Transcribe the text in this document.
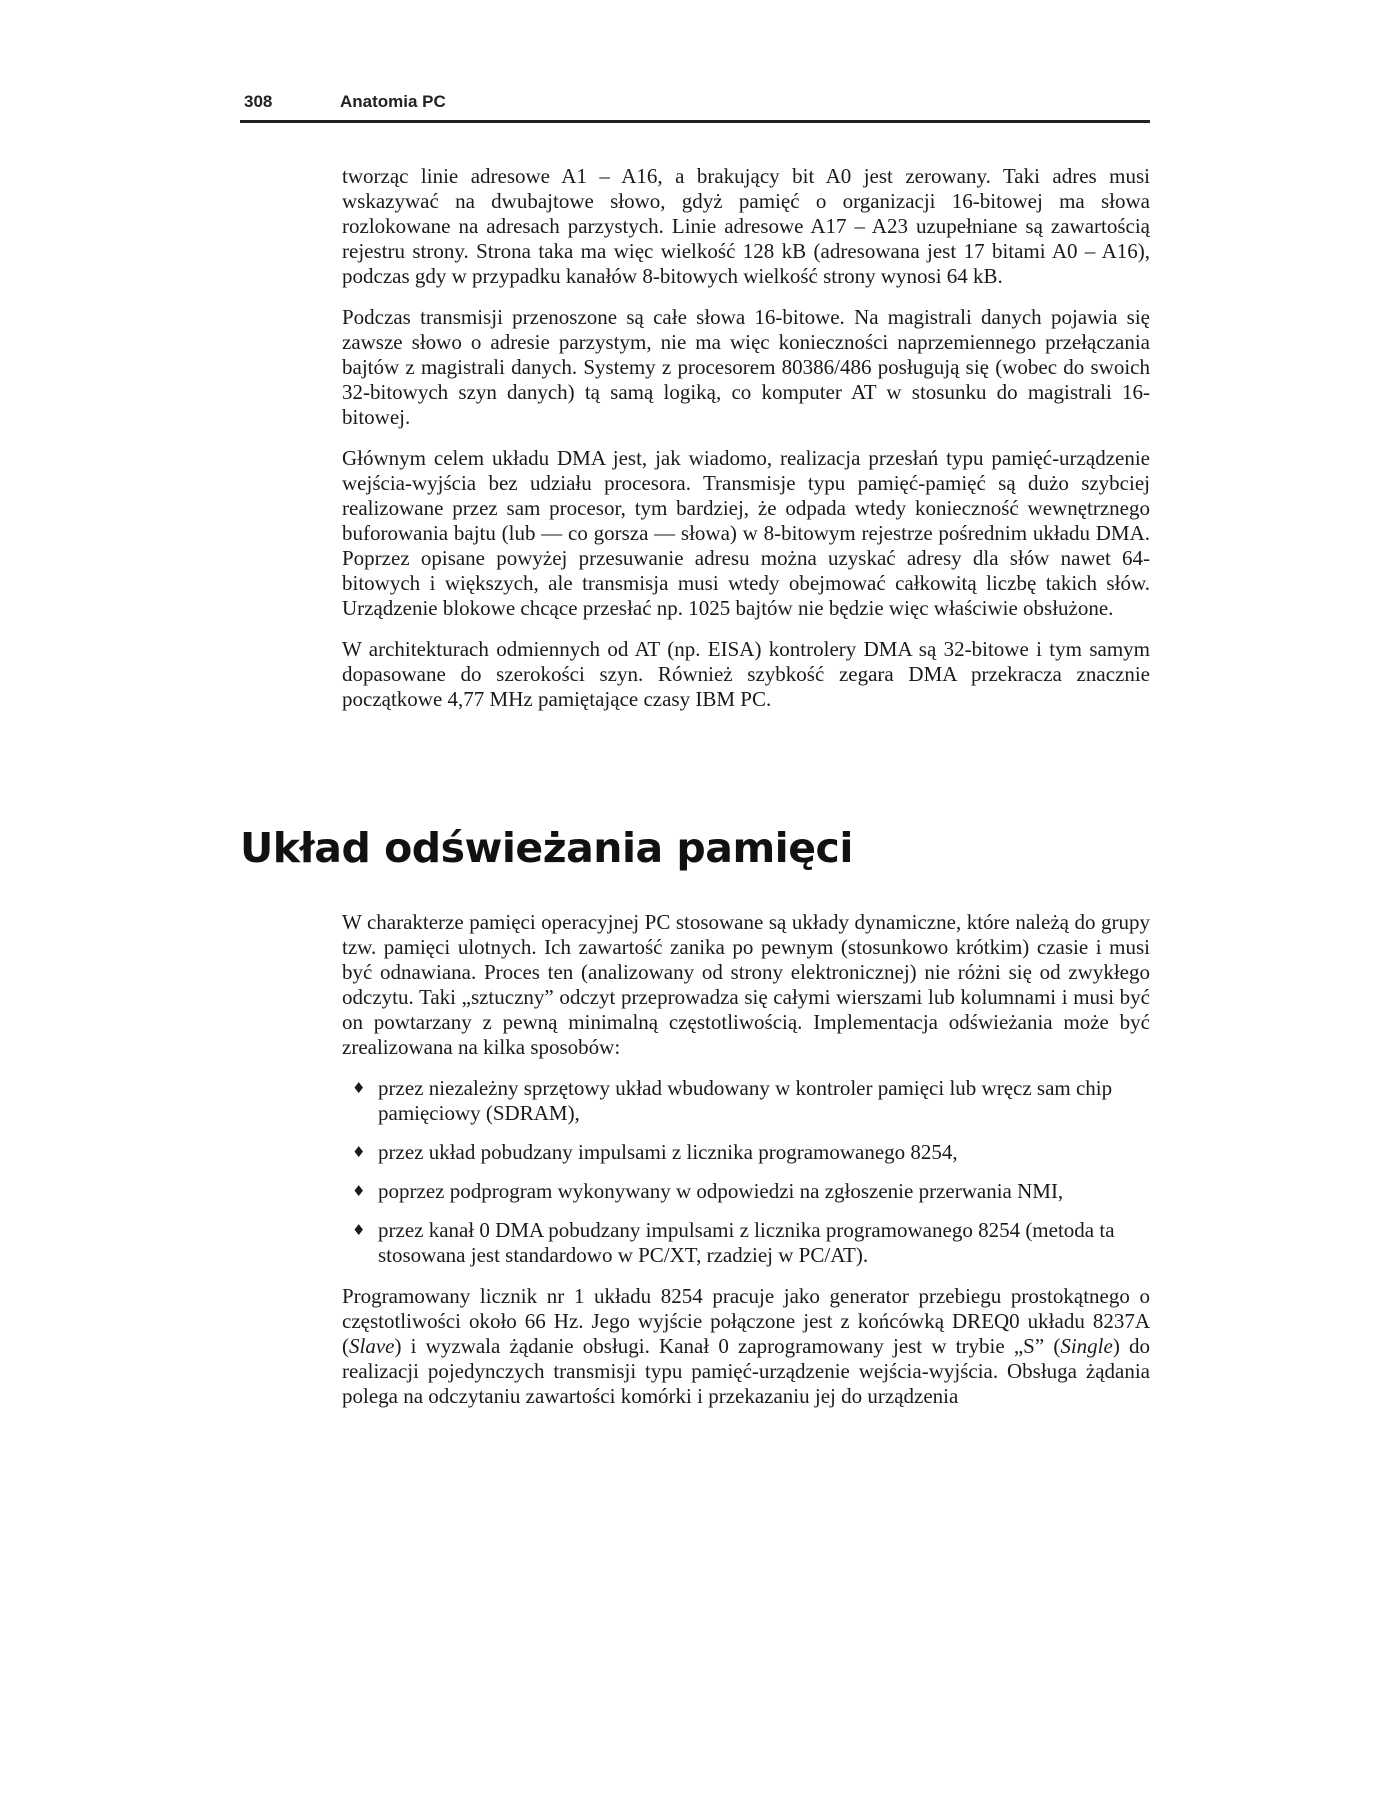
308	Anatomia PC

tworząc linie adresowe A1 – A16, a brakujący bit A0 jest zerowany. Taki adres musi wskazywać na dwubajtowe słowo, gdyż pamięć o organizacji 16-bitowej ma słowa rozlokowane na adresach parzystych. Linie adresowe A17 – A23 uzupełniane są zawartością rejestru strony. Strona taka ma więc wielkość 128 kB (adresowana jest 17 bitami A0 – A16), podczas gdy w przypadku kanałów 8-bitowych wielkość strony wynosi 64 kB.

Podczas transmisji przenoszone są całe słowa 16-bitowe. Na magistrali danych pojawia się zawsze słowo o adresie parzystym, nie ma więc konieczności naprzemiennego przełączania bajtów z magistrali danych. Systemy z procesorem 80386/486 posługują się (wobec do swoich 32-bitowych szyn danych) tą samą logiką, co komputer AT w stosunku do magistrali 16-bitowej.

Głównym celem układu DMA jest, jak wiadomo, realizacja przesłań typu pamięć-urządzenie wejścia-wyjścia bez udziału procesora. Transmisje typu pamięć-pamięć są dużo szybciej realizowane przez sam procesor, tym bardziej, że odpada wtedy konieczność wewnętrznego buforowania bajtu (lub — co gorsza — słowa) w 8-bitowym rejestrze pośrednim układu DMA. Poprzez opisane powyżej przesuwanie adresu można uzyskać adresy dla słów nawet 64-bitowych i większych, ale transmisja musi wtedy obejmować całkowitą liczbę takich słów. Urządzenie blokowe chcące przesłać np. 1025 bajtów nie będzie więc właściwie obsłużone.

W architekturach odmiennych od AT (np. EISA) kontrolery DMA są 32-bitowe i tym samym dopasowane do szerokości szyn. Również szybkość zegara DMA przekracza znacznie początkowe 4,77 MHz pamiętające czasy IBM PC.

Układ odświeżania pamięci

W charakterze pamięci operacyjnej PC stosowane są układy dynamiczne, które należą do grupy tzw. pamięci ulotnych. Ich zawartość zanika po pewnym (stosunkowo krótkim) czasie i musi być odnawiana. Proces ten (analizowany od strony elektronicznej) nie różni się od zwykłego odczytu. Taki „sztuczny” odczyt przeprowadza się całymi wierszami lub kolumnami i musi być on powtarzany z pewną minimalną częstotliwością. Implementacja odświeżania może być zrealizowana na kilka sposobów:

♦ przez niezależny sprzętowy układ wbudowany w kontroler pamięci lub wręcz sam chip pamięciowy (SDRAM),
♦ przez układ pobudzany impulsami z licznika programowanego 8254,
♦ poprzez podprogram wykonywany w odpowiedzi na zgłoszenie przerwania NMI,
♦ przez kanał 0 DMA pobudzany impulsami z licznika programowanego 8254 (metoda ta stosowana jest standardowo w PC/XT, rzadziej w PC/AT).

Programowany licznik nr 1 układu 8254 pracuje jako generator przebiegu prostokątnego o częstotliwości około 66 Hz. Jego wyjście połączone jest z końcówką DREQ0 układu 8237A (Slave) i wyzwala żądanie obsługi. Kanał 0 zaprogramowany jest w trybie „S” (Single) do realizacji pojedynczych transmisji typu pamięć-urządzenie wejścia-wyjścia. Obsługa żądania polega na odczytaniu zawartości komórki i przekazaniu jej do urządzenia
